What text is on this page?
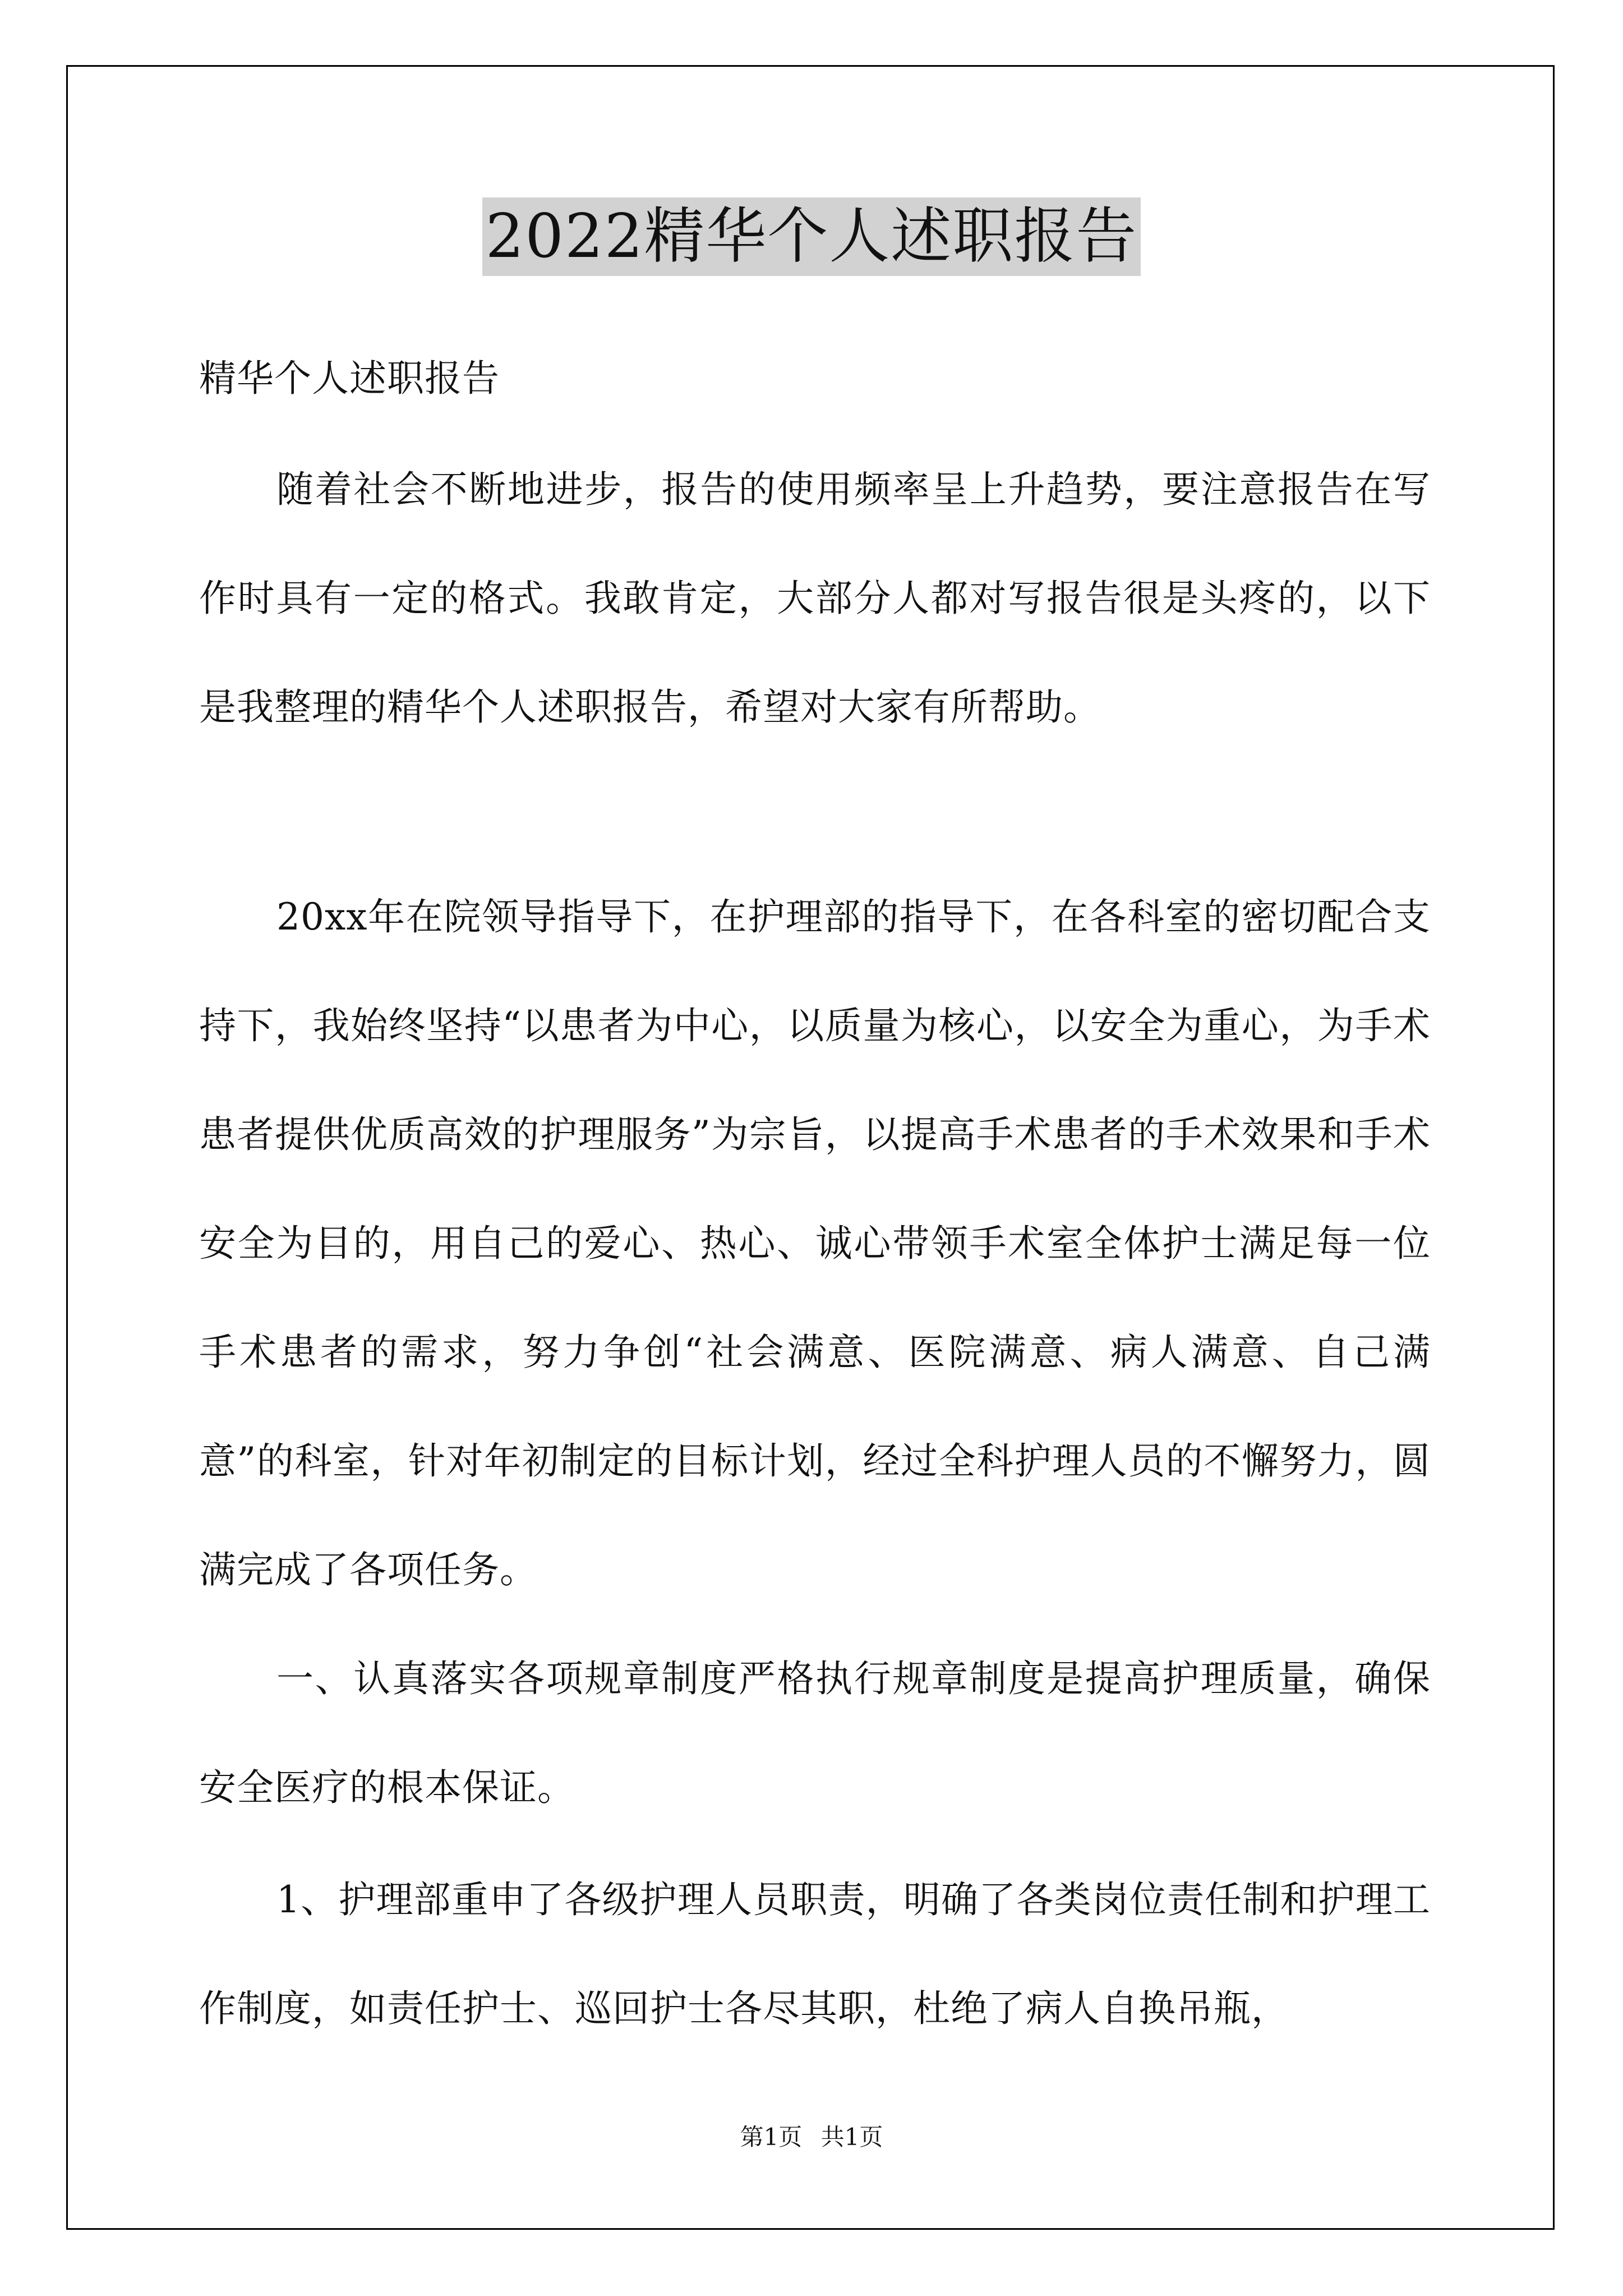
2022精华个人述职报告
精华个人述职报告

随着社会不断地进步，报告的使用频率呈上升趋势，要注意报告在写作时具有一定的格式。我敢肯定，大部分人都对写报告很是头疼的，以下是我整理的精华个人述职报告，希望对大家有所帮助。

20xx年在院领导指导下，在护理部的指导下，在各科室的密切配合支持下，我始终坚持“以患者为中心，以质量为核心，以安全为重心，为手术患者提供优质高效的护理服务”为宗旨，以提高手术患者的手术效果和手术安全为目的，用自己的爱心、热心、诚心带领手术室全体护士满足每一位手术患者的需求，努力争创“社会满意、医院满意、病人满意、自己满意”的科室，针对年初制定的目标计划，经过全科护理人员的不懈努力，圆满完成了各项任务。

一、认真落实各项规章制度严格执行规章制度是提高护理质量，确保安全医疗的根本保证。

1、护理部重申了各级护理人员职责，明确了各类岗位责任制和护理工作制度，如责任护士、巡回护士各尽其职，杜绝了病人自换吊瓶，

第1页 共1页
